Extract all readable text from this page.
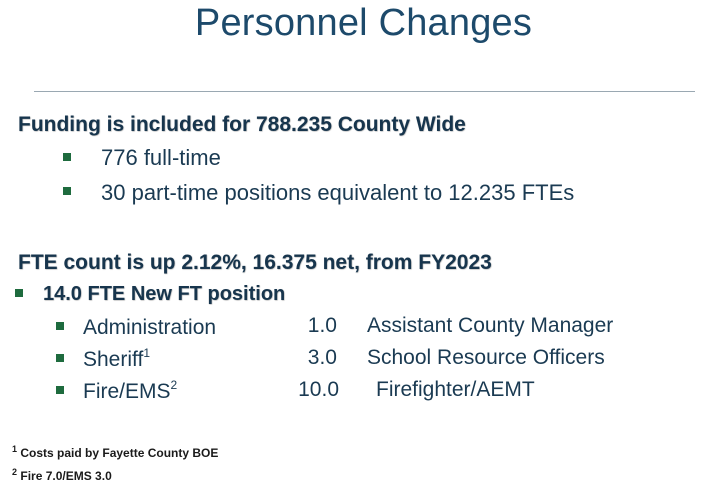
Personnel Changes
Funding is included for 788.235 County Wide
776 full-time
30 part-time positions equivalent to 12.235 FTEs
FTE count is up 2.12%, 16.375 net, from FY2023
14.0 FTE New FT position
Administration	1.0 Assistant County Manager
Sheriff$^1$	3.0 School Resource Officers
Fire/EMS$^2$	10.0 Firefighter/AEMT
$^1$ Costs paid by Fayette County BOE
$^2$ Fire 7.0/EMS 3.0
